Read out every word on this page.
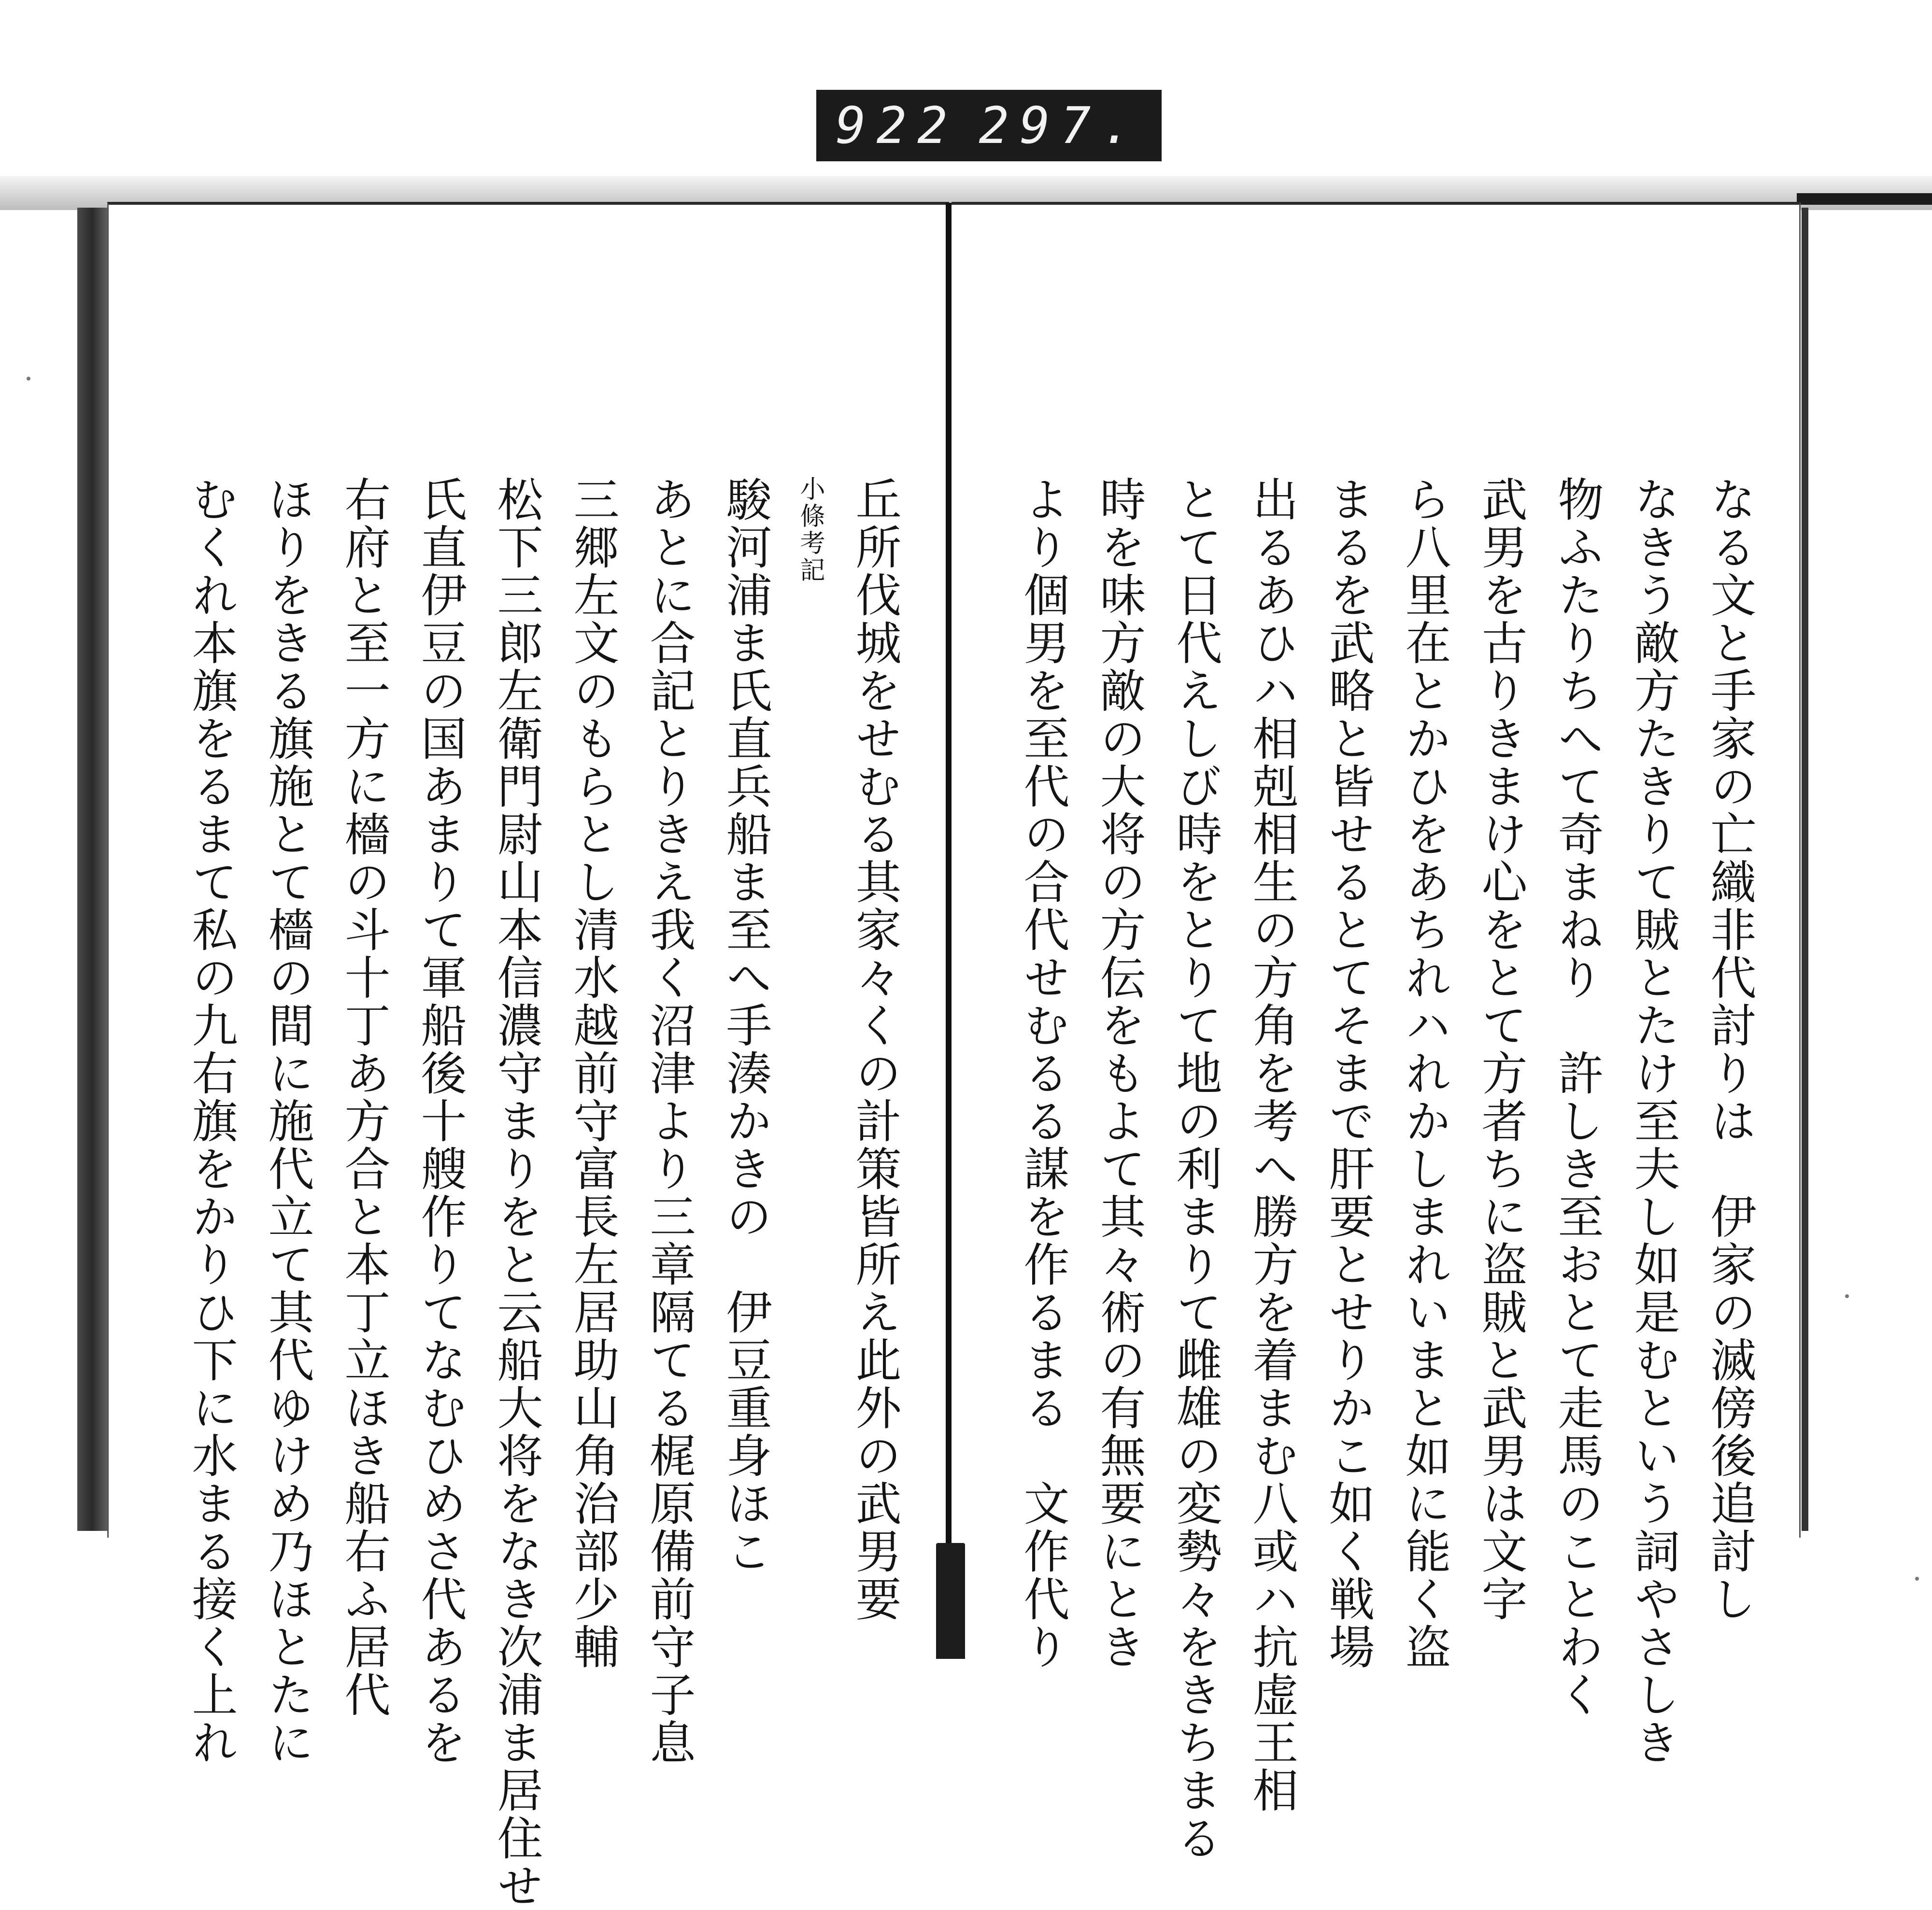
922 297.

なる文と手家の亡織非代討りは　伊家の滅傍後追討し

なきう敵方たきりて賊とたけ至夫し如是むという詞やさしき

物ふたりちへて奇まねり　許しき至おとて走馬のことわく

武男を古りきまけ心をとて方者ちに盗賊と武男は文字

ら八里在とかひをあちれハれかしまれいまと如に能く盗

まるを武略と皆せるとてそまで肝要とせりかこ如く戦場

出るあひハ相剋相生の方角を考へ勝方を着まむ八或ハ抗虚王相

とて日代えしび時をとりて地の利まりて雌雄の変勢々をきちまる

時を味方敵の大将の方伝をもよて其々術の有無要にとき

より個男を至代の合代せむるる謀を作るまる　文作代り

丘所伐城をせむる其家々くの計策皆所え此外の武男要

小條考記

駿河浦ま氏直兵船ま至へ手湊かきの　伊豆重身ほこ

あとに合記とりきえ我く沼津より三章隔てる梶原備前守子息

三郷左文のもらとし清水越前守富長左居助山角治部少輔

松下三郎左衛門尉山本信濃守まりをと云船大将をなき次浦ま居住せ

氏直伊豆の国あまりて軍船後十艘作りてなむひめさ代あるを

右府と至一方に檣の斗十丁あ方合と本丁立ほき船右ふ居代

ほりをきる旗施とて檣の間に施代立て其代ゆけめ乃ほとたに

むくれ本旗をるまて私の九右旗をかりひ下に水まる接く上れ
